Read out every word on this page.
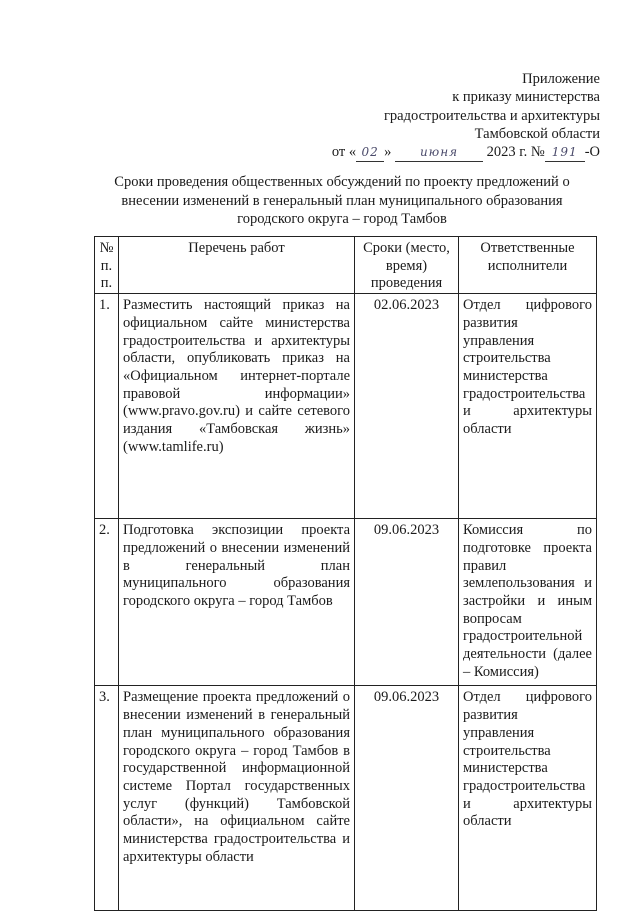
Приложение
к приказу министерства
градостроительства и архитектуры
Тамбовской области
от « 02 » июня 2023 г. № 191 -О
Сроки проведения общественных обсуждений по проекту предложений о внесении изменений в генеральный план муниципального образования городского округа – город Тамбов
№ п. п.	Перечень работ	Сроки (место, время) проведения	Ответственные исполнители
1.	Разместить настоящий приказ на официальном сайте министерства градостроительства и архитектуры области, опубликовать приказ на «Официальном интернет-портале правовой информации» (www.pravo.gov.ru) и сайте сетевого издания «Тамбовская жизнь» (www.tamlife.ru)	02.06.2023	Отдел цифрового развития управления строительства министерства градостроительства и архитектуры области
2.	Подготовка экспозиции проекта предложений о внесении изменений в генеральный план муниципального образования городского округа – город Тамбов	09.06.2023	Комиссия по подготовке проекта правил землепользования и застройки и иным вопросам градостроительной деятельности (далее – Комиссия)
3.	Размещение проекта предложений о внесении изменений в генеральный план муниципального образования городского округа – город Тамбов в государственной информационной системе Портал государственных услуг (функций) Тамбовской области», на официальном сайте министерства градостроительства и архитектуры области	09.06.2023	Отдел цифрового развития управления строительства министерства градостроительства и архитектуры области
